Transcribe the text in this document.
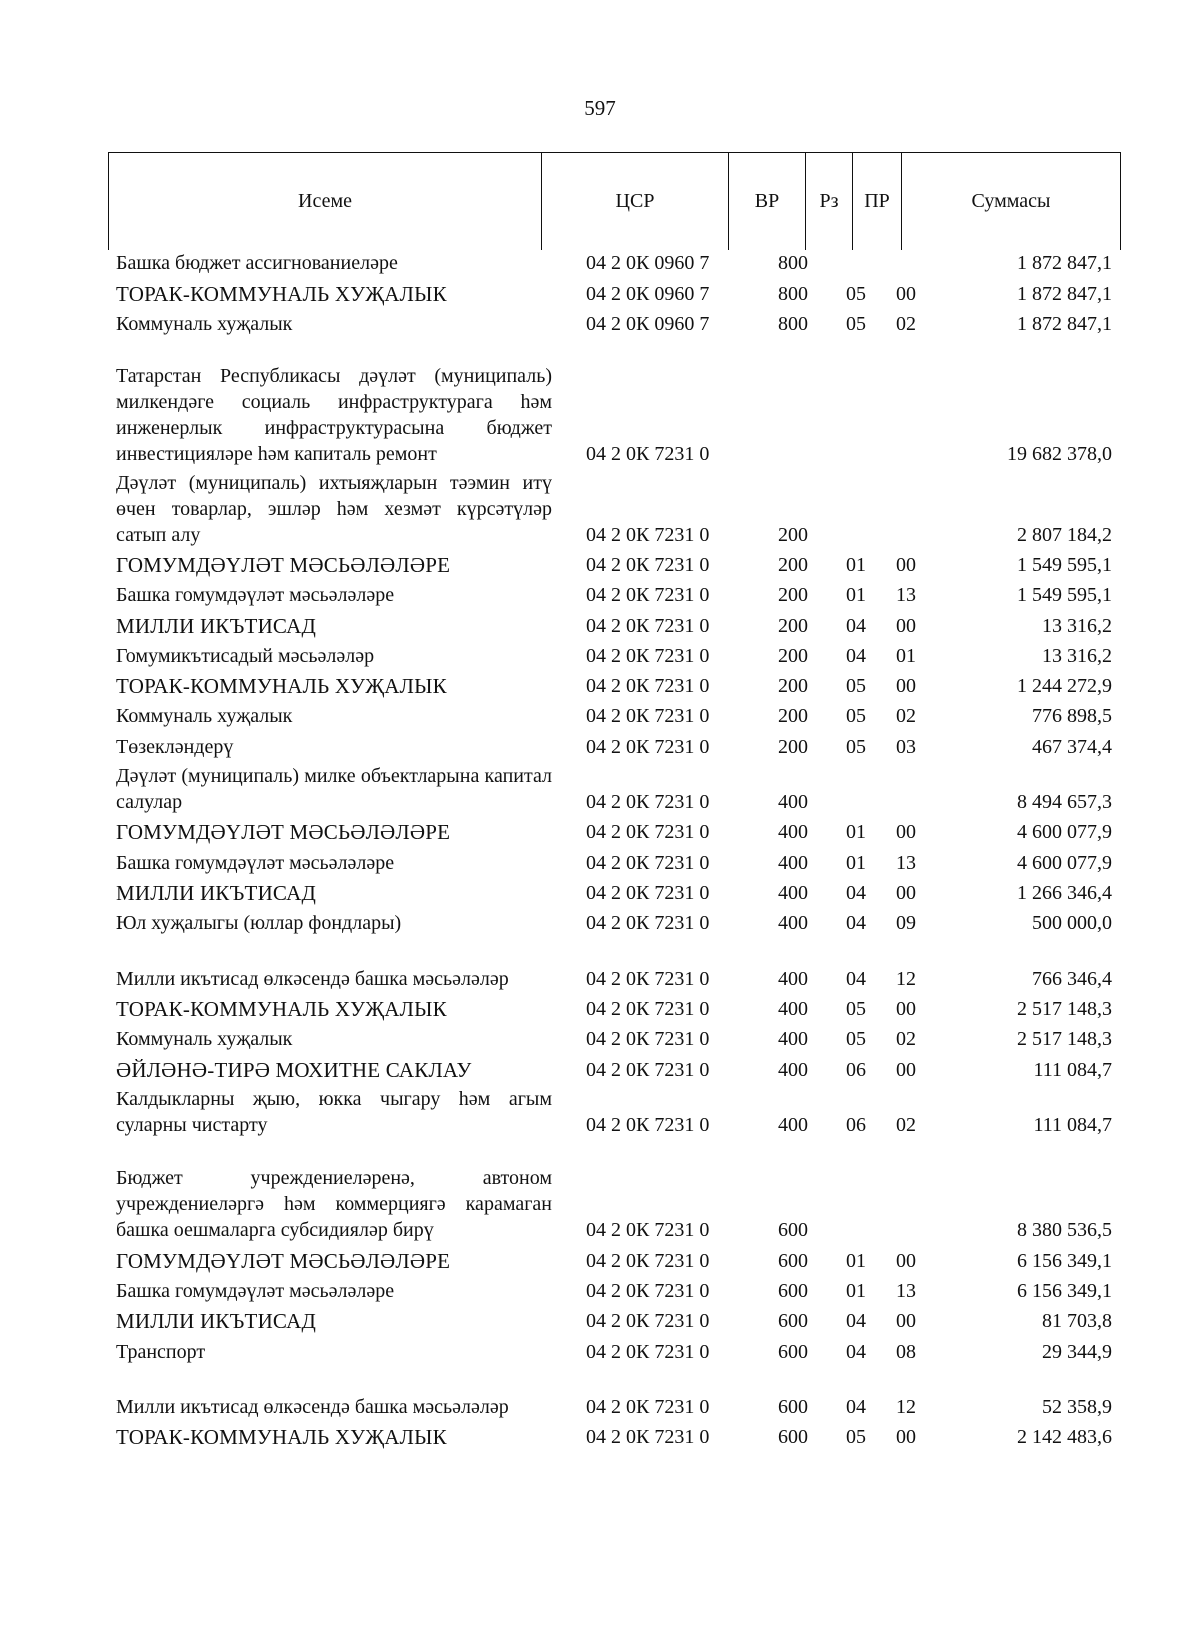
597
Исеме	ЦСР	ВР	Рз	ПР	Суммасы
Башка бюджет ассигнованиеләре	04 2 0К 0960 7	800	1 872 847,1
ТОРАК-КОММУНАЛЬ ХУҖАЛЫК	04 2 0К 0960 7	800 05 00	1 872 847,1
Коммуналь хуҗалык	04 2 0К 0960 7	800 05 02	1 872 847,1
Татарстан Республикасы дәүләт (муниципаль) милкендәге социаль инфраструктурага һәм инженерлык инфраструктурасына бюджет инвестицияләре һәм капиталь ремонт	04 2 0К 7231 0	19 682 378,0
Дәүләт (муниципаль) ихтыяҗларын тәэмин итү өчен товарлар, эшләр һәм хезмәт күрсәтүләр сатып алу	04 2 0К 7231 0	200	2 807 184,2
ГОМУМДӘҮЛӘТ МӘСЬӘЛӘЛӘРЕ	04 2 0К 7231 0	200 01 00	1 549 595,1
Башка гомумдәүләт мәсьәләләре	04 2 0К 7231 0	200 01 13	1 549 595,1
МИЛЛИ ИКЪТИСАД	04 2 0К 7231 0	200 04 00	13 316,2
Гомумикътисадый мәсьәләләр	04 2 0К 7231 0	200 04 01	13 316,2
ТОРАК-КОММУНАЛЬ ХУҖАЛЫК	04 2 0К 7231 0	200 05 00	1 244 272,9
Коммуналь хуҗалык	04 2 0К 7231 0	200 05 02	776 898,5
Төзекләндерү	04 2 0К 7231 0	200 05 03	467 374,4
Дәүләт (муниципаль) милке объектларына капитал салулар	04 2 0К 7231 0	400	8 494 657,3
ГОМУМДӘҮЛӘТ МӘСЬӘЛӘЛӘРЕ	04 2 0К 7231 0	400 01 00	4 600 077,9
Башка гомумдәүләт мәсьәләләре	04 2 0К 7231 0	400 01 13	4 600 077,9
МИЛЛИ ИКЪТИСАД	04 2 0К 7231 0	400 04 00	1 266 346,4
Юл хуҗалыгы (юллар фондлары)	04 2 0К 7231 0	400 04 09	500 000,0
Милли икътисад өлкәсендә башка мәсьәләләр	04 2 0К 7231 0	400 04 12	766 346,4
ТОРАК-КОММУНАЛЬ ХУҖАЛЫК	04 2 0К 7231 0	400 05 00	2 517 148,3
Коммуналь хуҗалык	04 2 0К 7231 0	400 05 02	2 517 148,3
ӘЙЛӘНӘ-ТИРӘ МОХИТНЕ САКЛАУ	04 2 0К 7231 0	400 06 00	111 084,7
Калдыкларны җыю, юкка чыгару һәм агым суларны чистарту	04 2 0К 7231 0	400 06 02	111 084,7
Бюджет учреждениеләренә, автоном учреждениеләргә һәм коммерциягә карамаган башка оешмаларга субсидияләр бирү	04 2 0К 7231 0	600	8 380 536,5
ГОМУМДӘҮЛӘТ МӘСЬӘЛӘЛӘРЕ	04 2 0К 7231 0	600 01 00	6 156 349,1
Башка гомумдәүләт мәсьәләләре	04 2 0К 7231 0	600 01 13	6 156 349,1
МИЛЛИ ИКЪТИСАД	04 2 0К 7231 0	600 04 00	81 703,8
Транспорт	04 2 0К 7231 0	600 04 08	29 344,9
Милли икътисад өлкәсендә башка мәсьәләләр	04 2 0К 7231 0	600 04 12	52 358,9
ТОРАК-КОММУНАЛЬ ХУҖАЛЫК	04 2 0К 7231 0	600 05 00	2 142 483,6
